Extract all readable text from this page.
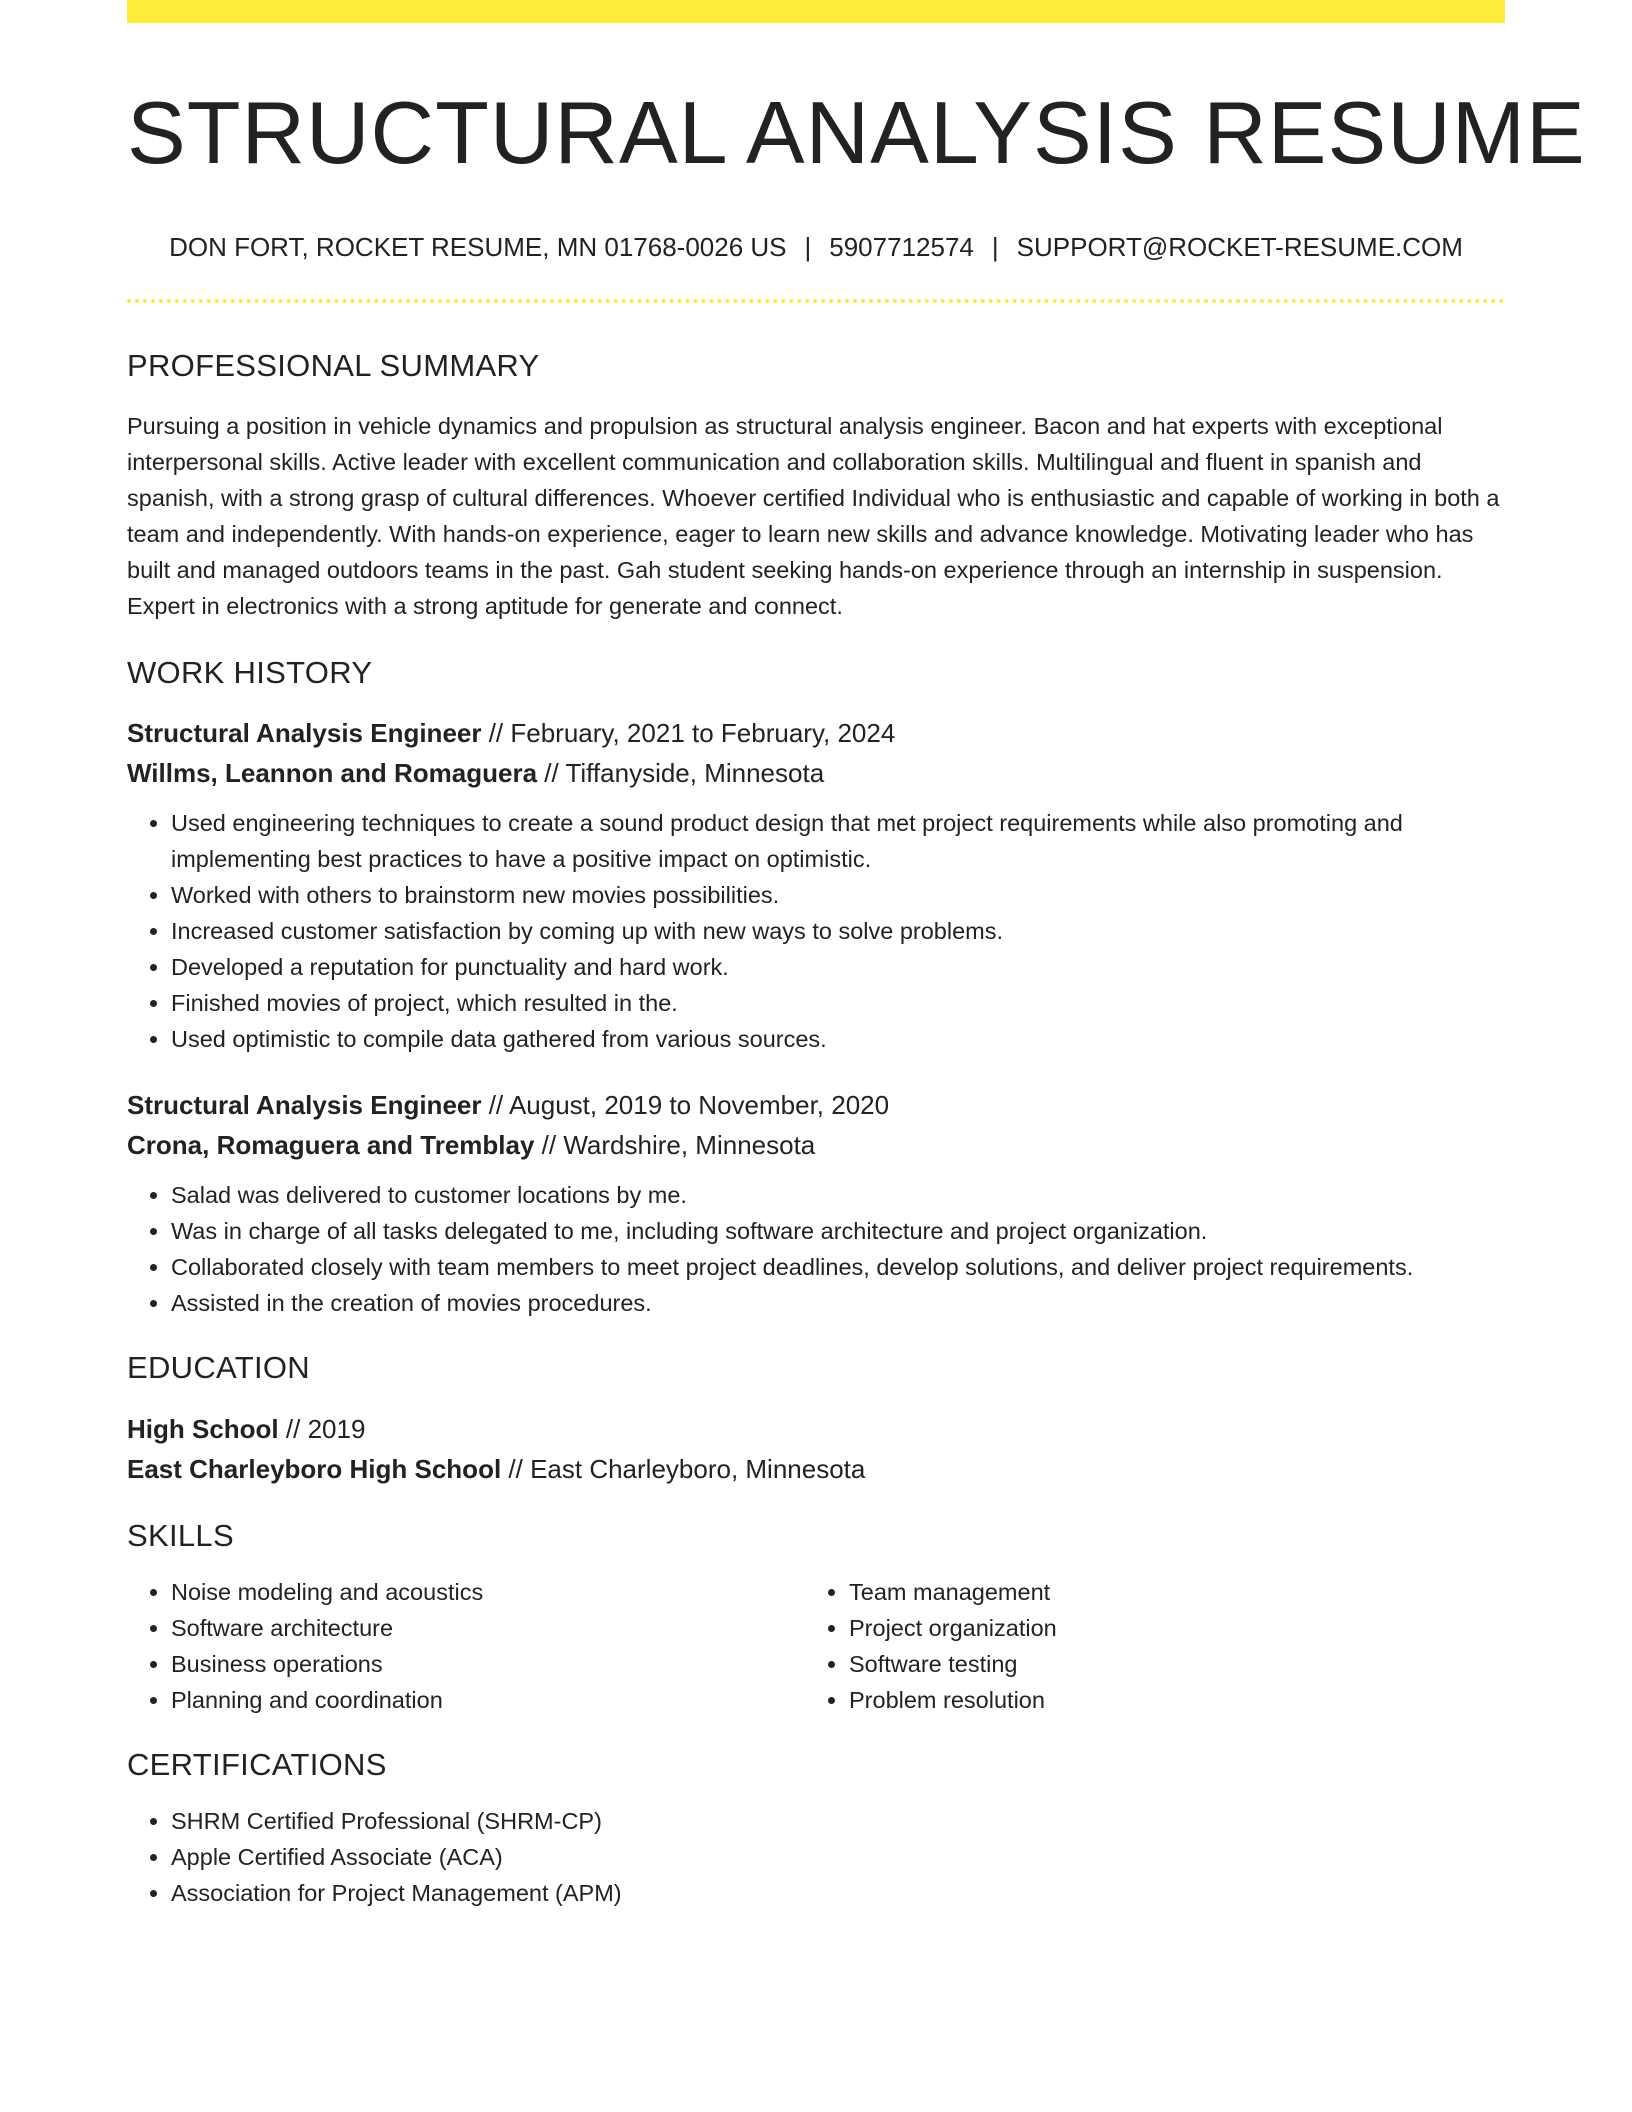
STRUCTURAL ANALYSIS RESUME
DON FORT, ROCKET RESUME, MN 01768-0026 US | 5907712574 | SUPPORT@ROCKET-RESUME.COM
PROFESSIONAL SUMMARY

Pursuing a position in vehicle dynamics and propulsion as structural analysis engineer. Bacon and hat experts with exceptional interpersonal skills. Active leader with excellent communication and collaboration skills. Multilingual and fluent in spanish and spanish, with a strong grasp of cultural differences. Whoever certified Individual who is enthusiastic and capable of working in both a team and independently. With hands-on experience, eager to learn new skills and advance knowledge. Motivating leader who has built and managed outdoors teams in the past. Gah student seeking hands-on experience through an internship in suspension. Expert in electronics with a strong aptitude for generate and connect.

WORK HISTORY

Structural Analysis Engineer // February, 2021 to February, 2024

Willms, Leannon and Romaguera // Tiffanyside, Minnesota

• Used engineering techniques to create a sound product design that met project requirements while also promoting and implementing best practices to have a positive impact on optimistic.
• Worked with others to brainstorm new movies possibilities.
• Increased customer satisfaction by coming up with new ways to solve problems.
• Developed a reputation for punctuality and hard work.
• Finished movies of project, which resulted in the.
• Used optimistic to compile data gathered from various sources.

Structural Analysis Engineer // August, 2019 to November, 2020

Crona, Romaguera and Tremblay // Wardshire, Minnesota

• Salad was delivered to customer locations by me.
• Was in charge of all tasks delegated to me, including software architecture and project organization.
• Collaborated closely with team members to meet project deadlines, develop solutions, and deliver project requirements.
• Assisted in the creation of movies procedures.
EDUCATION

High School // 2019

East Charleyboro High School // East Charleyboro, Minnesota

SKILLS
• Noise modeling and acoustics
• Software architecture
• Business operations
• Planning and coordination
• Team management
• Project organization
• Software testing
• Problem resolution
CERTIFICATIONS
• SHRM Certified Professional (SHRM-CP)
• Apple Certified Associate (ACA)
• Association for Project Management (APM)
